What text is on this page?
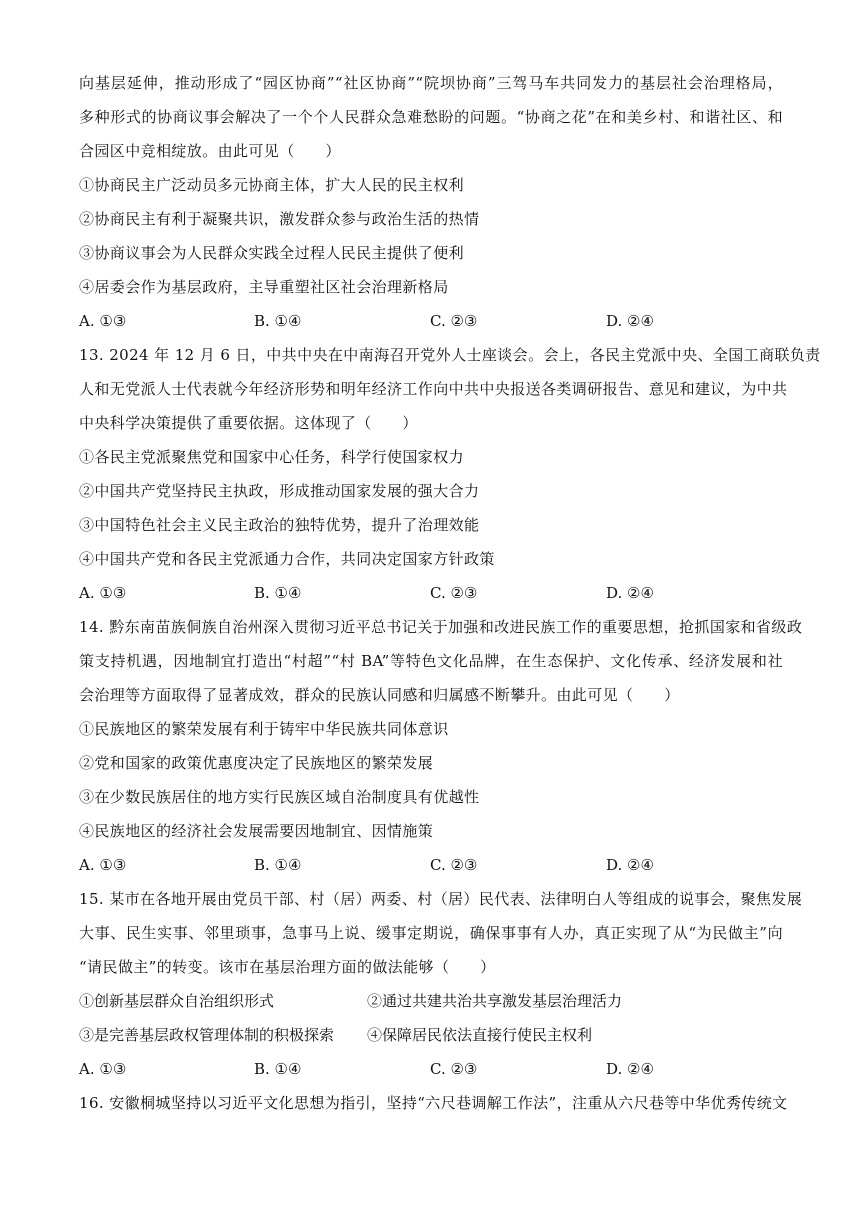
向基层延伸，推动形成了“园区协商”“社区协商”“院坝协商”三驾马车共同发力的基层社会治理格局，
多种形式的协商议事会解决了一个个人民群众急难愁盼的问题。“协商之花”在和美乡村、和谐社区、和
合园区中竞相绽放。由此可见（　　）
①协商民主广泛动员多元协商主体，扩大人民的民主权利
②协商民主有利于凝聚共识，激发群众参与政治生活的热情
③协商议事会为人民群众实践全过程人民民主提供了便利
④居委会作为基层政府，主导重塑社区社会治理新格局
A. ①③	B. ①④	C. ②③	D. ②④
13. 2024 年 12 月 6 日，中共中央在中南海召开党外人士座谈会。会上，各民主党派中央、全国工商联负责
人和无党派人士代表就今年经济形势和明年经济工作向中共中央报送各类调研报告、意见和建议，为中共
中央科学决策提供了重要依据。这体现了（　　）
①各民主党派聚焦党和国家中心任务，科学行使国家权力
②中国共产党坚持民主执政，形成推动国家发展的强大合力
③中国特色社会主义民主政治的独特优势，提升了治理效能
④中国共产党和各民主党派通力合作，共同决定国家方针政策
A. ①③	B. ①④	C. ②③	D. ②④
14. 黔东南苗族侗族自治州深入贯彻习近平总书记关于加强和改进民族工作的重要思想，抢抓国家和省级政
策支持机遇，因地制宜打造出“村超”“村 BA”等特色文化品牌，在生态保护、文化传承、经济发展和社
会治理等方面取得了显著成效，群众的民族认同感和归属感不断攀升。由此可见（　　）
①民族地区的繁荣发展有利于铸牢中华民族共同体意识
②党和国家的政策优惠度决定了民族地区的繁荣发展
③在少数民族居住的地方实行民族区域自治制度具有优越性
④民族地区的经济社会发展需要因地制宜、因情施策
A. ①③	B. ①④	C. ②③	D. ②④
15. 某市在各地开展由党员干部、村（居）两委、村（居）民代表、法律明白人等组成的说事会，聚焦发展
大事、民生实事、邻里琐事，急事马上说、缓事定期说，确保事事有人办，真正实现了从“为民做主”向
“请民做主”的转变。该市在基层治理方面的做法能够（　　）
①创新基层群众自治组织形式	②通过共建共治共享激发基层治理活力
③是完善基层政权管理体制的积极探索 ④保障居民依法直接行使民主权利
A. ①③	B. ①④	C. ②③	D. ②④
16. 安徽桐城坚持以习近平文化思想为指引，坚持“六尺巷调解工作法”，注重从六尺巷等中华优秀传统文
